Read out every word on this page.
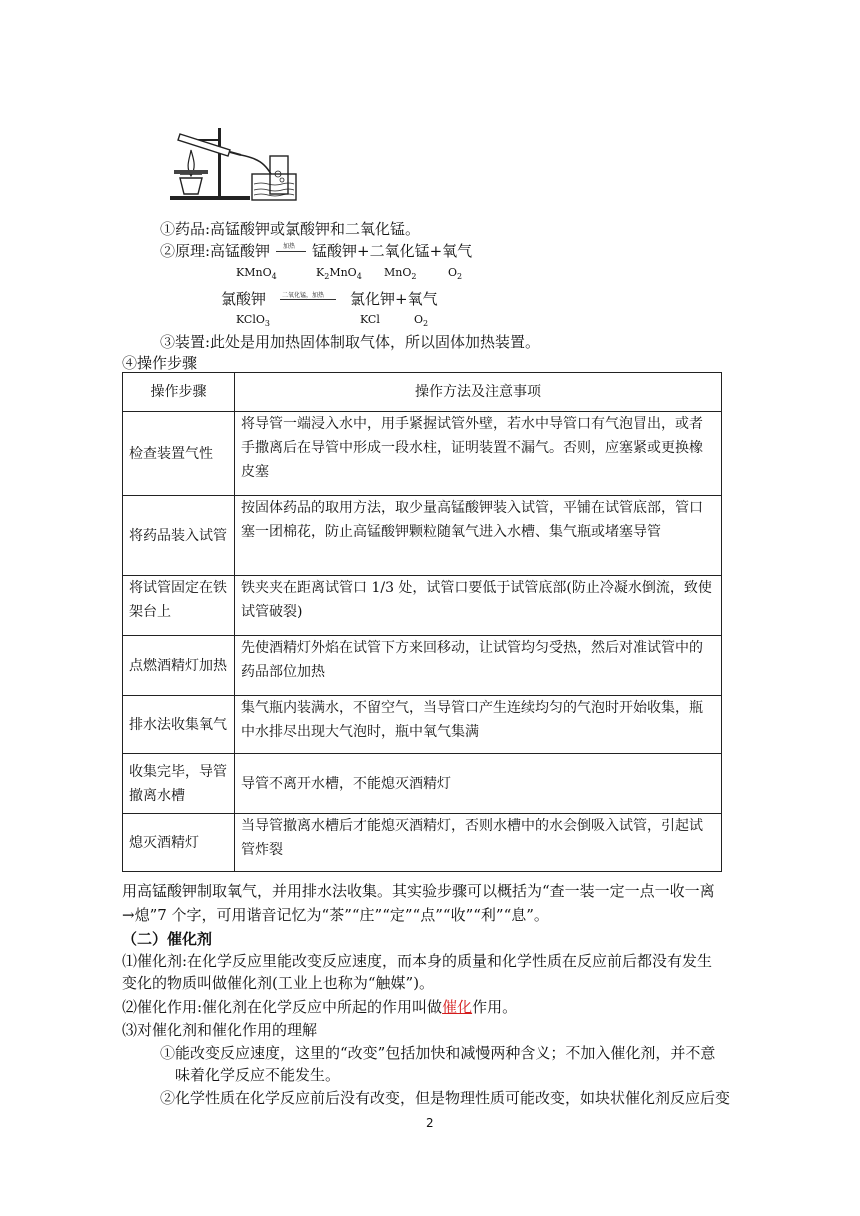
①药品:高锰酸钾或氯酸钾和二氧化锰。
②原理:高锰酸钾 加热 锰酸钾+二氧化锰+氧气
KMnO$_4$	$K_2MnO_4$ MnO$_2$	$O_2$
氯酸钾	二氧化锰，加热 氯化钾+氧气
KClO$_3$	KCl	$O_2$
③装置:此处是用加热固体制取气体，所以固体加热装置。
④操作步骤
操作步骤	操作方法及注意事项
检查装置气性	将导管一端浸入水中，用手紧握试管外壁，若水中导管口有气泡冒出，或者手撒离后在导管中形成一段水柱，证明装置不漏气。否则，应塞紧或更换橡皮塞
将药品装入试管	按固体药品的取用方法，取少量高锰酸钾装入试管，平铺在试管底部，管口塞一团棉花，防止高锰酸钾颗粒随氧气进入水槽、集气瓶或堵塞导管
将试管固定在铁架台上	铁夹夹在距离试管口 1/3 处，试管口要低于试管底部(防止冷凝水倒流，致使试管破裂)
点燃酒精灯加热	先使酒精灯外焰在试管下方来回移动，让试管均匀受热，然后对准试管中的药品部位加热
排水法收集氧气	集气瓶内装满水，不留空气，当导管口产生连续均匀的气泡时开始收集，瓶中水排尽出现大气泡时，瓶中氧气集满
收集完毕，导管撤离水槽	导管不离开水槽，不能熄灭酒精灯
熄灭酒精灯	当导管撤离水槽后才能熄灭酒精灯，否则水槽中的水会倒吸入试管，引起试管炸裂
用高锰酸钾制取氧气，并用排水法收集。其实验步骤可以概括为“查一装一定一点一收一离
→熄”7 个字，可用谐音记忆为“茶”“庄”“定”“点”“收”“利”“息”。
（二）催化剂
⑴催化剂:在化学反应里能改变反应速度，而本身的质量和化学性质在反应前后都没有发生
变化的物质叫做催化剂(工业上也称为“触媒”)。
⑵催化作用:催化剂在化学反应中所起的作用叫做催化作用。
⑶对催化剂和催化作用的理解
①能改变反应速度，这里的“改变”包括加快和减慢两种含义；不加入催化剂，并不意
味着化学反应不能发生。
②化学性质在化学反应前后没有改变，但是物理性质可能改变，如块状催化剂反应后变
2
